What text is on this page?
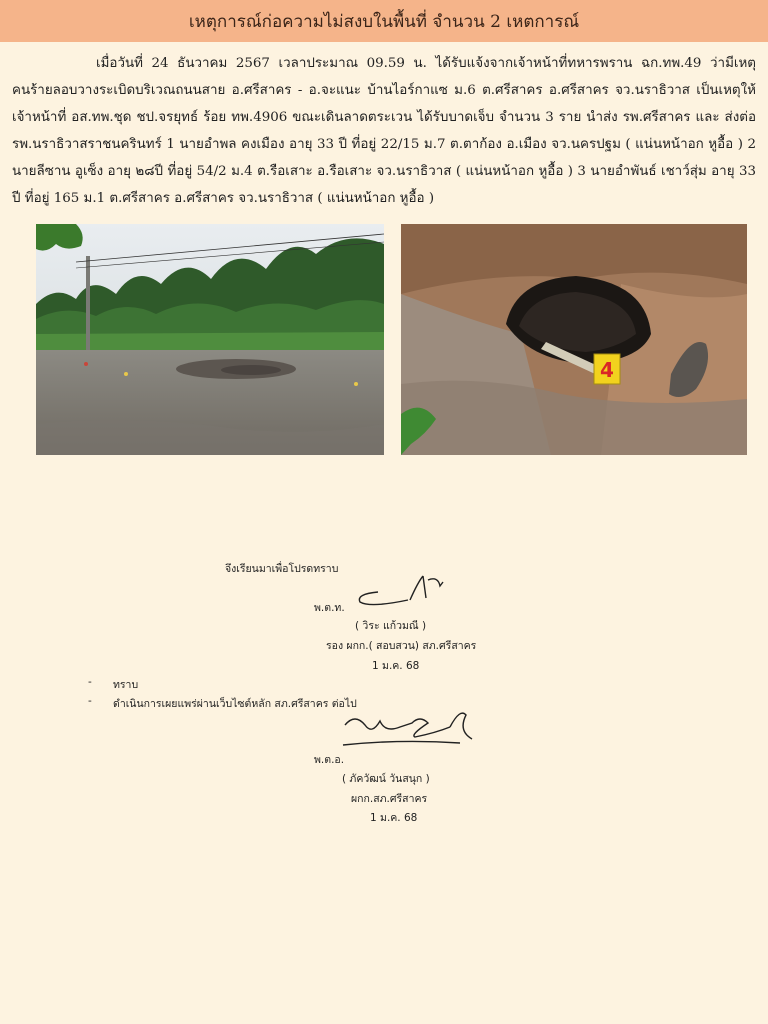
เหตุการณ์ก่อความไม่สงบในพื้นที่ จำนวน 2 เหตการณ์
เมื่อวันที่ 24 ธันวาคม 2567 เวลาประมาณ 09.59 น. ได้รับแจ้งจากเจ้าหน้าที่ทหารพราน ฉก.ทพ.49 ว่ามีเหตุคนร้ายลอบวางระเบิดบริเวณถนนสาย อ.ศรีสาคร - อ.จะแนะ บ้านไอร์กาแซ ม.6 ต.ศรีสาคร อ.ศรีสาคร จว.นราธิวาส เป็นเหตุให้เจ้าหน้าที่ อส.ทพ.ชุด ชป.จรยุทธ์ ร้อย ทพ.4906 ขณะเดินลาดตระเวน ได้รับบาดเจ็บ จำนวน 3 ราย นำส่ง รพ.ศรีสาคร และ ส่งต่อ รพ.นราธิวาสราชนครินทร์ 1 นายอำพล คงเมือง อายุ 33 ปี ที่อยู่ 22/15 ม.7 ต.ตาก้อง อ.เมือง จว.นครปฐม ( แน่นหน้าอก หูอื้อ ) 2 นายลีซาน อูเซ็ง อายุ ๒๘ปี ที่อยู่ 54/2 ม.4 ต.รือเสาะ อ.รือเสาะ จว.นราธิวาส ( แน่นหน้าอก หูอื้อ ) 3 นายอำพันธ์ เชาว์สุ่ม อายุ 33 ปี ที่อยู่ 165 ม.1 ต.ศรีสาคร อ.ศรีสาคร จว.นราธิวาส ( แน่นหน้าอก หูอื้อ )
4
จึงเรียนมาเพื่อโปรดทราบ
พ.ต.ท.
( วิระ แก้วมณี )
รอง ผกก.( สอบสวน) สภ.ศรีสาคร
1 ม.ค. 68
- ทราบ
- ดำเนินการเผยแพร่ผ่านเว็บไซต์หลัก สภ.ศรีสาคร ต่อไป
พ.ต.อ.
( ภัควัฒน์ วันสนุก )
ผกก.สภ.ศรีสาคร
1 ม.ค. 68
